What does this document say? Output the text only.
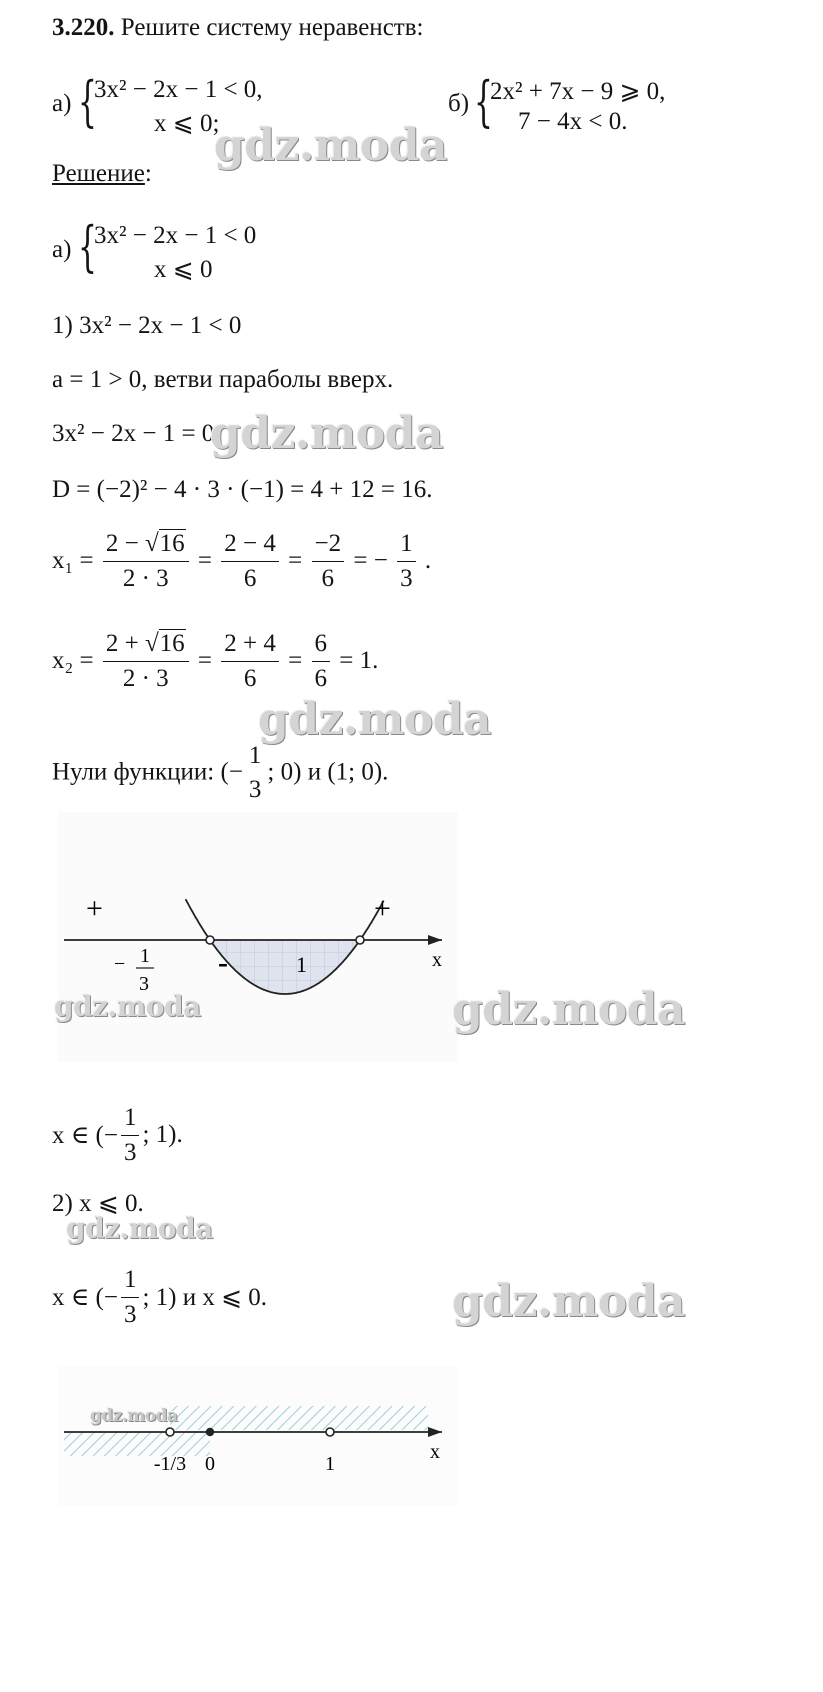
3.220. Решите систему неравенств:
а) {
3x² − 2x − 1 < 0,
x ⩽ 0;
б) {
2x² + 7x − 9 ⩾ 0,
7 − 4x < 0.
gdz.moda
Решение:
а) {
3x² − 2x − 1 < 0
x ⩽ 0
1) 3x² − 2x − 1 < 0
а = 1 > 0, ветви параболы вверх.
3x² − 2x − 1 = 0
gdz.moda
D = (−2)² − 4 · 3 · (−1) = 4 + 12 = 16.
$x_1 = \frac{2 - √16}{2 \cdot 3} = \frac{2 - 4}{6} = \frac{-2}{6}$ = − $\frac{1}{3}$ .
$x_2 = \frac{2 + √16}{2 \cdot 3} = \frac{2 + 4}{6} = \frac{6}{6} = 1$.
gdz.moda
Нули функции: (−
1
3
; 0) и (1; 0).
+	+
-
− 1
3
1	x
gdz.moda	gdz.moda
x ∈ (− $\frac{1}{3}$ ; 1).
2) x ⩽ 0.
gdz.moda
x ∈ (− $\frac{1}{3}$ ; 1) и x ⩽ 0.	gdz.moda
-1/3 0	1
x
gdz.moda
